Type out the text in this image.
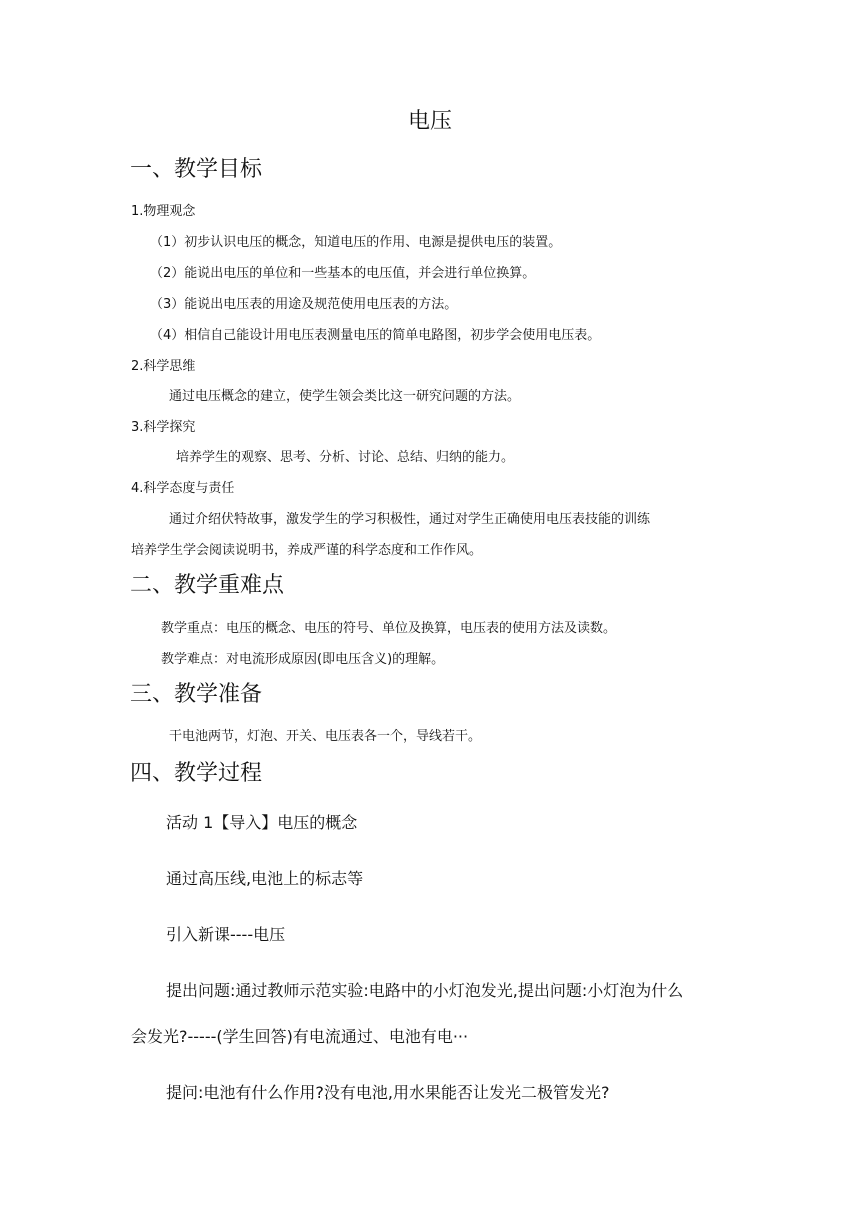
电压
一、教学目标
1.物理观念
（1）初步认识电压的概念，知道电压的作用、电源是提供电压的装置。
（2）能说出电压的单位和一些基本的电压值，并会进行单位换算。
（3）能说出电压表的用途及规范使用电压表的方法。
（4）相信自己能设计用电压表测量电压的简单电路图，初步学会使用电压表。
2.科学思维
通过电压概念的建立，使学生领会类比这一研究问题的方法。
3.科学探究
培养学生的观察、思考、分析、讨论、总结、归纳的能力。
4.科学态度与责任
通过介绍伏特故事，激发学生的学习积极性，通过对学生正确使用电压表技能的训练
培养学生学会阅读说明书，养成严谨的科学态度和工作作风。
二、教学重难点
教学重点：电压的概念、电压的符号、单位及换算，电压表的使用方法及读数。
教学难点：对电流形成原因(即电压含义)的理解。
三、教学准备
干电池两节，灯泡、开关、电压表各一个，导线若干。
四、教学过程
活动 1【导入】电压的概念
通过高压线,电池上的标志等
引入新课----电压
提出问题:通过教师示范实验:电路中的小灯泡发光,提出问题:小灯泡为什么
会发光?-----(学生回答)有电流通过、电池有电···
提问:电池有什么作用?没有电池,用水果能否让发光二极管发光?
